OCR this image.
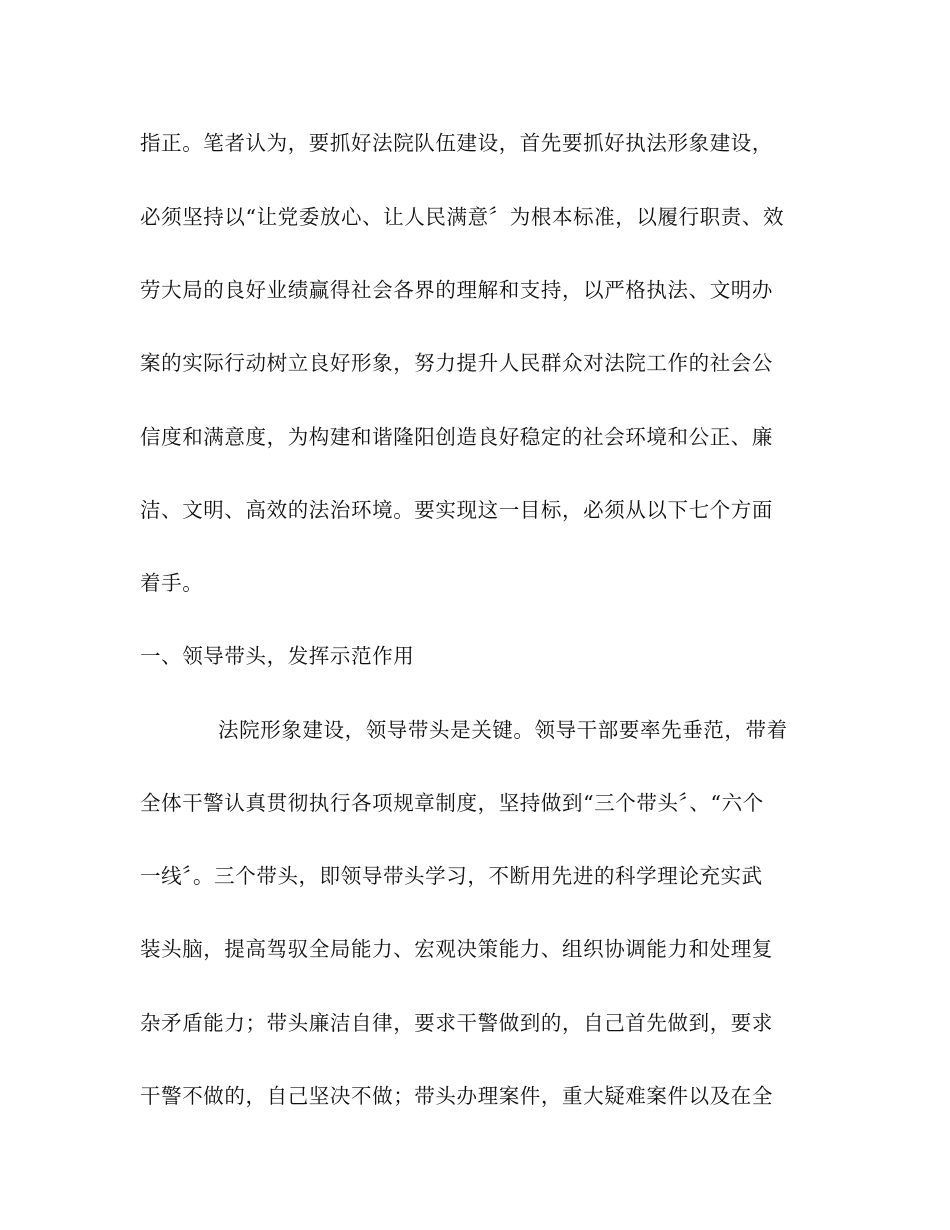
指正。笔者认为，要抓好法院队伍建设，首先要抓好执法形象建设，
必须坚持以“让党委放心、让人民满意〞为根本标准，以履行职责、效
劳大局的良好业绩赢得社会各界的理解和支持，以严格执法、文明办
案的实际行动树立良好形象，努力提升人民群众对法院工作的社会公
信度和满意度，为构建和谐隆阳创造良好稳定的社会环境和公正、廉
洁、文明、高效的法治环境。要实现这一目标，必须从以下七个方面
着手。
一、领导带头，发挥示范作用
法院形象建设，领导带头是关键。领导干部要率先垂范，带着
全体干警认真贯彻执行各项规章制度，坚持做到“三个带头〞、“六个
一线〞。三个带头，即领导带头学习，不断用先进的科学理论充实武
装头脑，提高驾驭全局能力、宏观决策能力、组织协调能力和处理复
杂矛盾能力；带头廉洁自律，要求干警做到的，自己首先做到，要求
干警不做的，自己坚决不做；带头办理案件，重大疑难案件以及在全
